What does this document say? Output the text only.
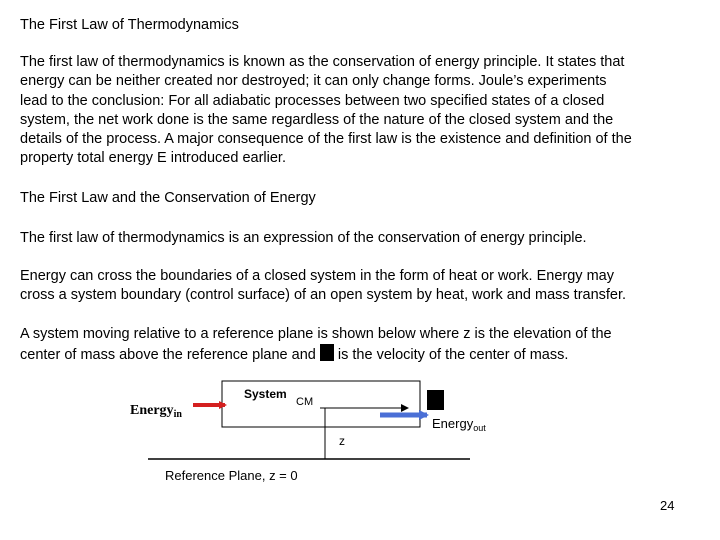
The First Law of Thermodynamics
The first law of thermodynamics is known as the conservation of energy principle. It states that
energy can be neither created nor destroyed; it can only change forms. Joule’s experiments
lead to the conclusion: For all adiabatic processes between two specified states of a closed
system, the net work done is the same regardless of the nature of the closed system and the
details of the process. A major consequence of the first law is the existence and definition of the
property total energy E introduced earlier.
The First Law and the Conservation of Energy

The first law of thermodynamics is an expression of the conservation of energy principle.

Energy can cross the boundaries of a closed system in the form of heat or work. Energy may
cross a system boundary (control surface) of an open system by heat, work and mass transfer.
A system moving relative to a reference plane is shown below where z is the elevation of the
center of mass above the reference plane and is the velocity of the center of mass.
Energy$_{in}$
System
CM
Energy$_{out}$
z
Reference Plane, z = 0
24
